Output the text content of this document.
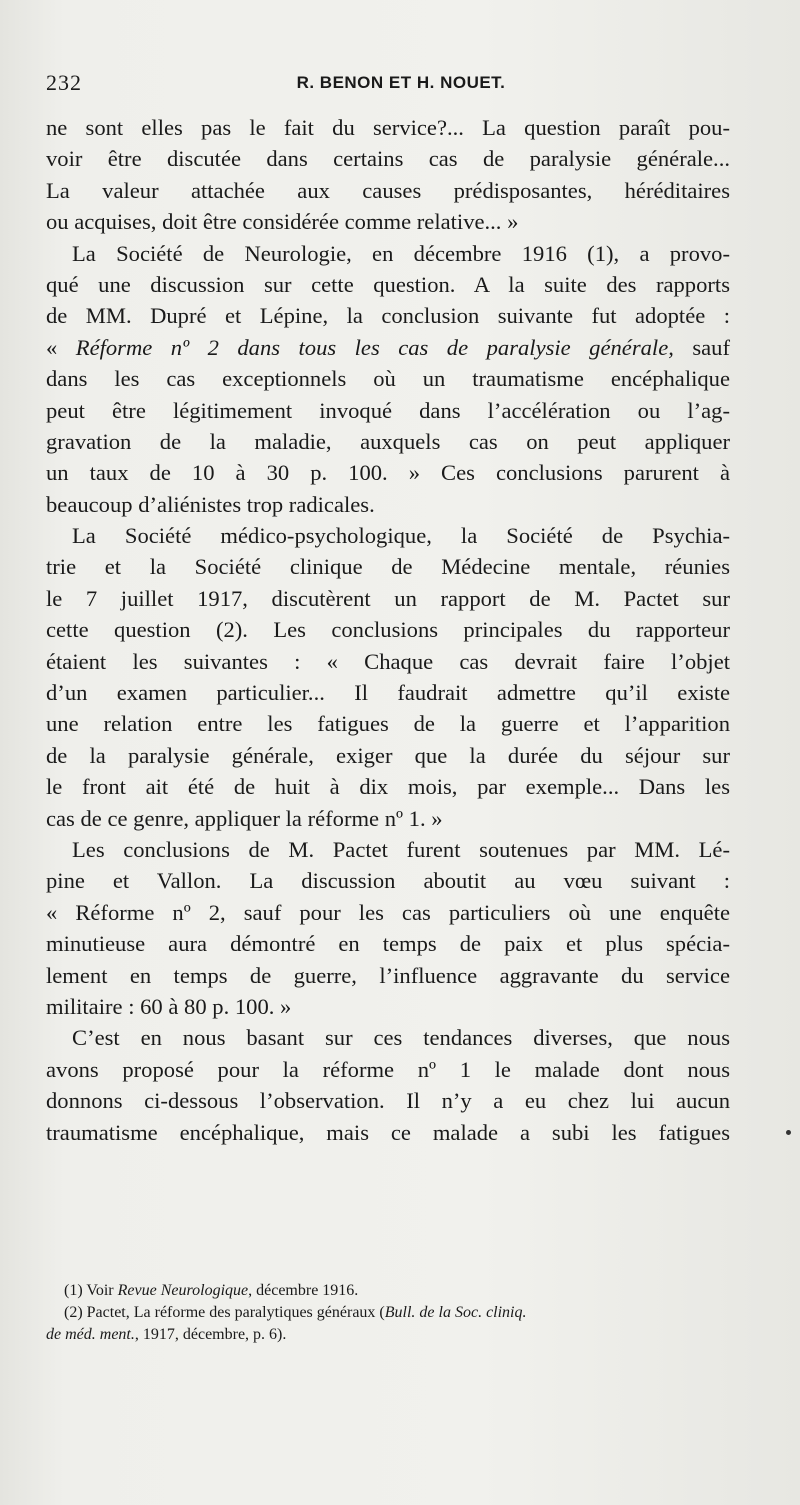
232	R. BENON ET H. NOUET.
ne sont elles pas le fait du service?... La question paraît pou-
voir être discutée dans certains cas de paralysie générale...
La valeur attachée aux causes prédisposantes, héréditaires
ou acquises, doit être considérée comme relative... »
La Société de Neurologie, en décembre 1916 (1), a provo-
qué une discussion sur cette question. A la suite des rapports
de MM. Dupré et Lépine, la conclusion suivante fut adoptée :
« Réforme nº 2 dans tous les cas de paralysie générale, sauf
dans les cas exceptionnels où un traumatisme encéphalique
peut être légitimement invoqué dans l’accélération ou l’ag-
gravation de la maladie, auxquels cas on peut appliquer
un taux de 10 à 30 p. 100. » Ces conclusions parurent à
beaucoup d’aliénistes trop radicales.
La Société médico-psychologique, la Société de Psychia-
trie et la Société clinique de Médecine mentale, réunies
le 7 juillet 1917, discutèrent un rapport de M. Pactet sur
cette question (2). Les conclusions principales du rapporteur
étaient les suivantes : « Chaque cas devrait faire l’objet
d’un examen particulier... Il faudrait admettre qu’il existe
une relation entre les fatigues de la guerre et l’apparition
de la paralysie générale, exiger que la durée du séjour sur
le front ait été de huit à dix mois, par exemple... Dans les
cas de ce genre, appliquer la réforme nº 1. »
Les conclusions de M. Pactet furent soutenues par MM. Lé-
pine et Vallon. La discussion aboutit au vœu suivant :
« Réforme nº 2, sauf pour les cas particuliers où une enquête
minutieuse aura démontré en temps de paix et plus spécia-
lement en temps de guerre, l’influence aggravante du service
militaire : 60 à 80 p. 100. »
C’est en nous basant sur ces tendances diverses, que nous
avons proposé pour la réforme nº 1 le malade dont nous
donnons ci-dessous l’observation. Il n’y a eu chez lui aucun
traumatisme encéphalique, mais ce malade a subi les fatigues
(1) Voir Revue Neurologique, décembre 1916.
(2) Pactet, La réforme des paralytiques généraux (Bull. de la Soc. cliniq.
de méd. ment., 1917, décembre, p. 6).
